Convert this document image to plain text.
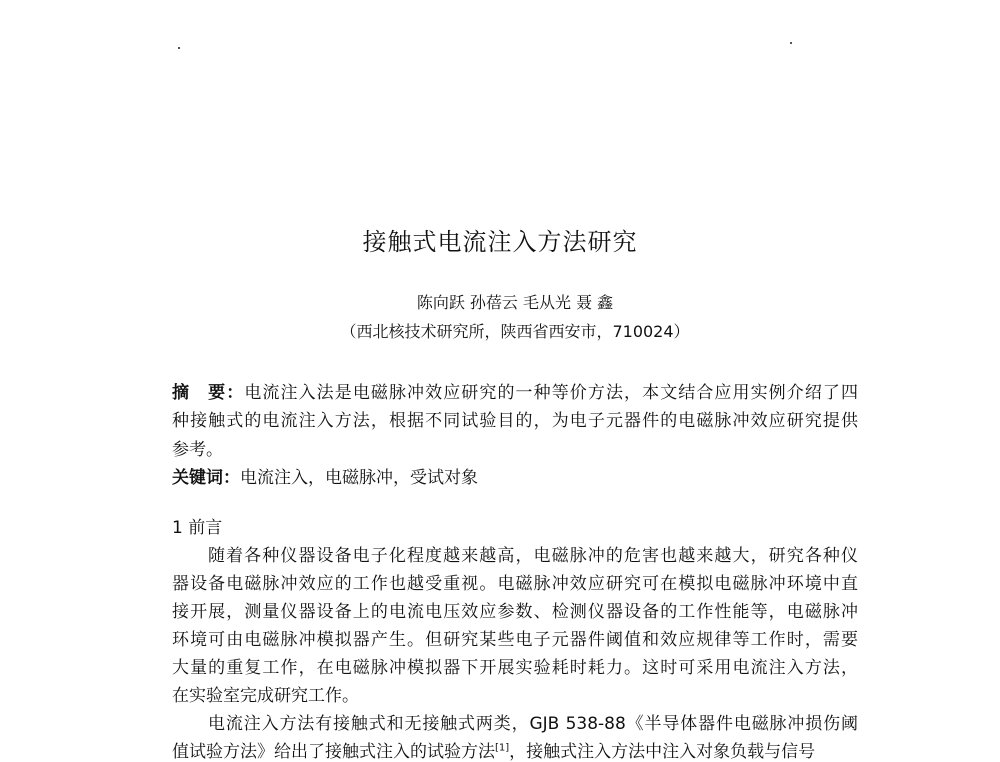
接触式电流注入方法研究
陈向跃 孙蓓云 毛从光 聂 鑫
（西北核技术研究所，陕西省西安市，710024）
摘　要：电流注入法是电磁脉冲效应研究的一种等价方法，本文结合应用实例介绍了四
种接触式的电流注入方法，根据不同试验目的，为电子元器件的电磁脉冲效应研究提供
参考。
关键词：电流注入，电磁脉冲，受试对象
1 前言
随着各种仪器设备电子化程度越来越高，电磁脉冲的危害也越来越大，研究各种仪
器设备电磁脉冲效应的工作也越受重视。电磁脉冲效应研究可在模拟电磁脉冲环境中直
接开展，测量仪器设备上的电流电压效应参数、检测仪器设备的工作性能等，电磁脉冲
环境可由电磁脉冲模拟器产生。但研究某些电子元器件阈值和效应规律等工作时，需要
大量的重复工作，在电磁脉冲模拟器下开展实验耗时耗力。这时可采用电流注入方法，
在实验室完成研究工作。
电流注入方法有接触式和无接触式两类，GJB 538-88《半导体器件电磁脉冲损伤阈
值试验方法》给出了接触式注入的试验方法[1]，接触式注入方法中注入对象负载与信号
